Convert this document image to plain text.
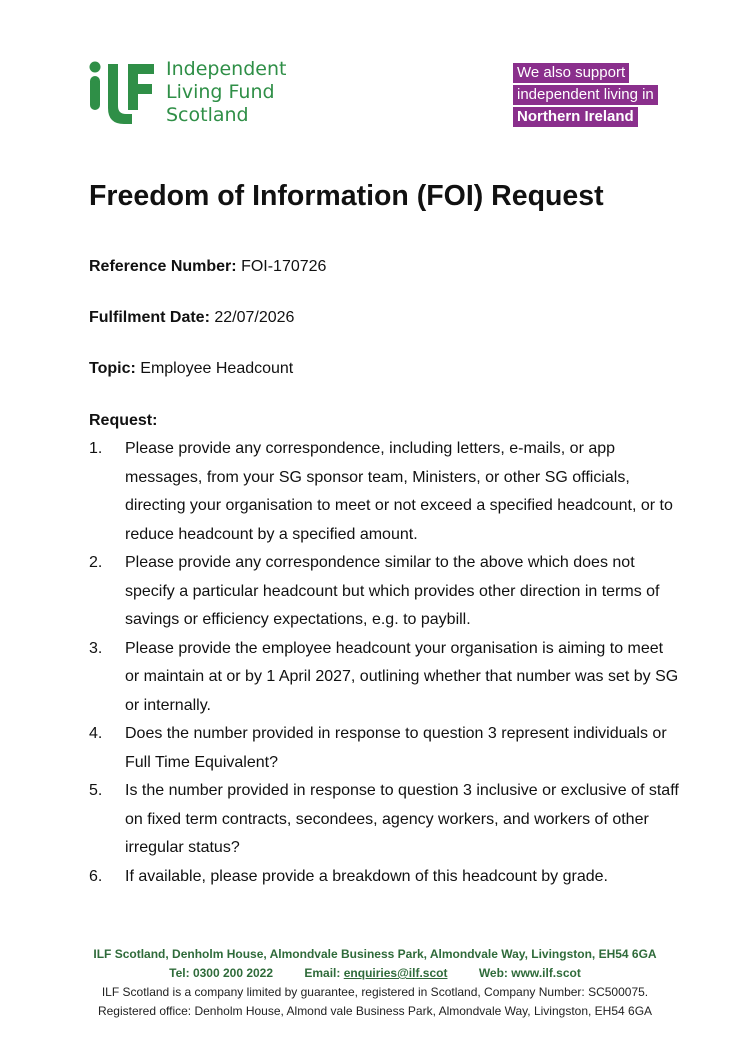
Independent
Living Fund
Scotland
We also support
independent living in
Northern Ireland
Freedom of Information (FOI) Request
Reference Number: FOI-170726
Fulfilment Date: 22/07/2026
Topic: Employee Headcount
Request:
1. Please provide any correspondence, including letters, e-mails, or app messages, from your SG sponsor team, Ministers, or other SG officials, directing your organisation to meet or not exceed a specified headcount, or to reduce headcount by a specified amount.
2. Please provide any correspondence similar to the above which does not specify a particular headcount but which provides other direction in terms of savings or efficiency expectations, e.g. to paybill.
3. Please provide the employee headcount your organisation is aiming to meet or maintain at or by 1 April 2027, outlining whether that number was set by SG or internally.
4. Does the number provided in response to question 3 represent individuals or Full Time Equivalent?
5. Is the number provided in response to question 3 inclusive or exclusive of staff on fixed term contracts, secondees, agency workers, and workers of other irregular status?
6. If available, please provide a breakdown of this headcount by grade.
ILF Scotland, Denholm House, Almondvale Business Park, Almondvale Way, Livingston, EH54 6GA
Tel: 0300 200 2022	Email: enquiries@ilf.scot	Web: www.ilf.scot
ILF Scotland is a company limited by guarantee, registered in Scotland, Company Number: SC500075.
Registered office: Denholm House, Almond vale Business Park, Almondvale Way, Livingston, EH54 6GA
